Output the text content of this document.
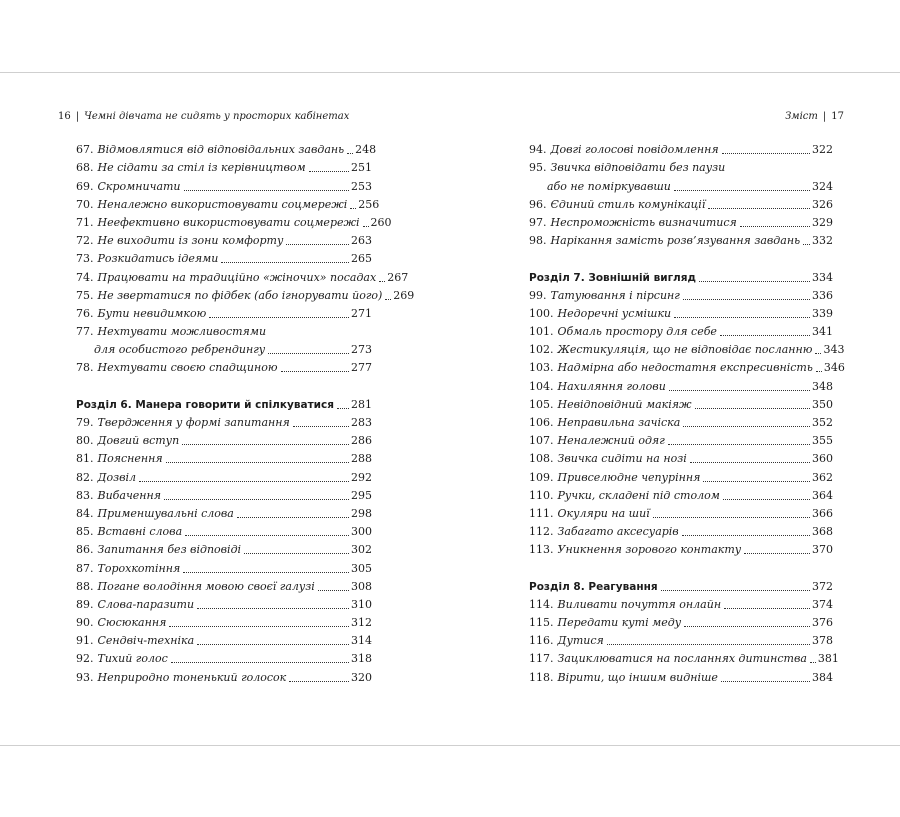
16 | Чемні дівчата не сидять у просторих кабінетах
67. Відмовлятися від відповідальних завдань 248
68. Не сідати за стіл із керівництвом	251
69. Скромничати	253
70. Неналежно використовувати соцмережі 256
71. Неефективно використовувати соцмережі 260
72. Не виходити із зони комфорту	263
73. Розкидатись ідеями	265
74. Працювати на традиційно «жіночих» посадах 267
75. Не звертатися по фідбек (або ігнорувати його) 269
76. Бути невидимкою	271
77. Нехтувати можливостями
для особистого ребрендингу	273
78. Нехтувати своєю спадщиною	277
Розділ 6. Манера говорити й спілкуватися 281
79. Твердження у формі запитання	283
80. Довгий вступ	286
81. Пояснення	288
82. Дозвіл	292
83. Вибачення	295
84. Применшувальні слова	298
85. Вставні слова	300
86. Запитання без відповіді	302
87. Торохкотіння	305
88. Погане володіння мовою своєї галузі	308
89. Слова-паразити	310
90. Сюсюкання	312
91. Сендвіч-техніка	314
92. Тихий голос	318
93. Неприродно тоненький голосок	320
Зміст | 17
94. Довгі голосові повідомлення	322
95. Звичка відповідати без паузи
або не поміркувавши	324
96. Єдиний стиль комунікації	326
97. Неспроможність визначитися	329
98. Нарікання замість розв’язування завдань 332
Розділ 7. Зовнішній вигляд	334
99. Татуювання і пірсинг	336
100. Недоречні усмішки	339
101. Обмаль простору для себе	341
102. Жестикуляція, що не відповідає посланню 343
103. Надмірна або недостатня експресивність 346
104. Нахиляння голови	348
105. Невідповідний макіяж	350
106. Неправильна зачіска	352
107. Неналежний одяг	355
108. Звичка сидіти на нозі	360
109. Привселюдне чепуріння	362
110. Ручки, складені під столом	364
111. Окуляри на шиї	366
112. Забагато аксесуарів	368
113. Уникнення зорового контакту	370
Розділ 8. Реагування	372
114. Виливати почуття онлайн	374
115. Передати куті меду	376
116. Дутися	378
117. Зациклюватися на посланнях дитинства 381
118. Вірити, що іншим видніше	384
